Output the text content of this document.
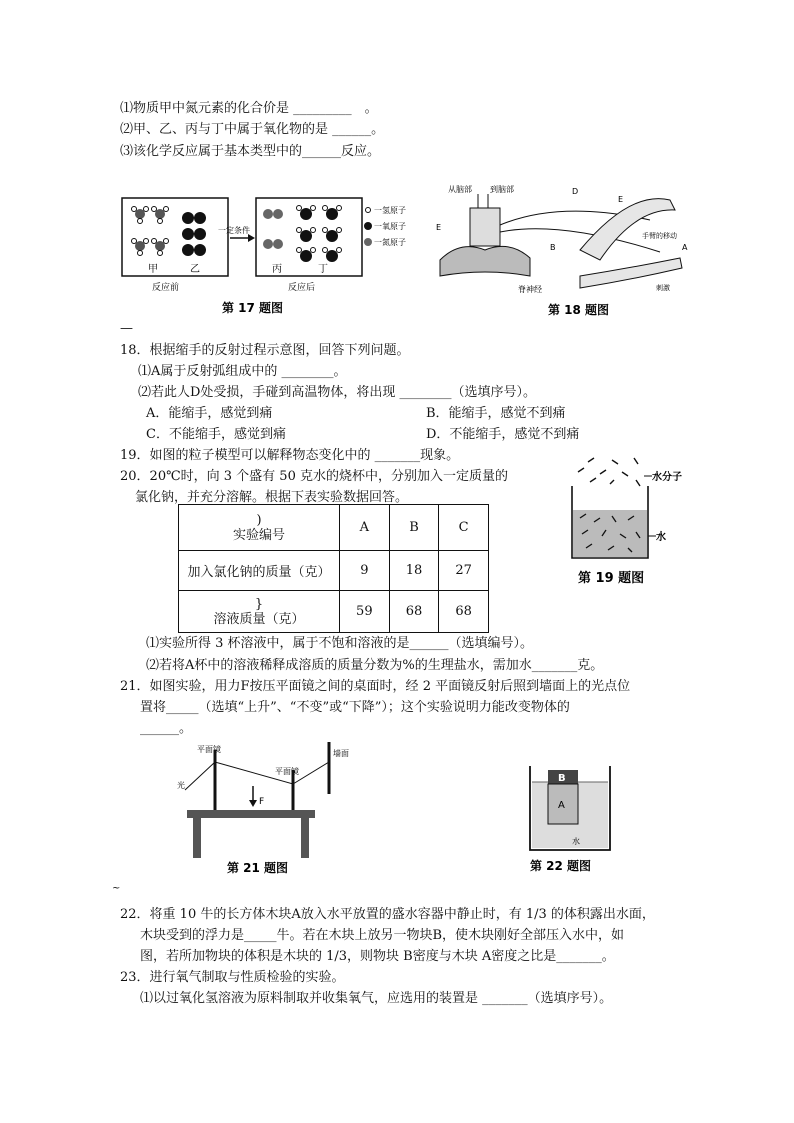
⑴物质甲中氮元素的化合价是 _________　。
⑵甲、乙、丙与丁中属于氧化物的是 ______。
⑶该化学反应属于基本类型中的______反应。
甲	乙
一定条件
丙	丁
一氢原子
一氧原子
一氮原子
反应前	反应后
第 17 题图
从脑部 到脑部
E
D
E
B
手臂的移动
A
刺激
脊神经
第 18 题图
—
18．根据缩手的反射过程示意图，回答下列问题。
⑴A属于反射弧组成中的 ________。
⑵若此人D处受损，手碰到高温物体，将出现 ________（选填序号）。
A．能缩手，感觉到痛	B．能缩手，感觉不到痛
C．不能缩手，感觉到痛	D．不能缩手，感觉不到痛
19．如图的粒子模型可以解释物态变化中的 _______现象。
20．20℃时，向 3 个盛有 50 克水的烧杯中，分别加入一定质量的
氯化钠，并充分溶解。根据下表实验数据回答。
)
实验编号	A	B	C
加入氯化钠的质量（克）	9	18	27
}
溶液质量（克）	59	68	68
水分子
水
第 19 题图
⑴实验所得 3 杯溶液中，属于不饱和溶液的是______（选填编号）。
⑵若将A杯中的溶液稀释成溶质的质量分数为%的生理盐水，需加水_______克。
21．如图实验，用力F按压平面镜之间的桌面时，经 2 平面镜反射后照到墙面上的光点位
置将_____（选填“上升”、“不变”或“下降”）；这个实验说明力能改变物体的
______。
平面镜
平面镜
墙面
光
F
第 21 题图
B
A
水
第 22 题图
~
22．将重 10 牛的长方体木块A放入水平放置的盛水容器中静止时，有 1/3 的体积露出水面，
木块受到的浮力是_____牛。若在木块上放另一物块B，使木块刚好全部压入水中，如
图，若所加物块的体积是木块的 1/3，则物块 B密度与木块 A密度之比是_______。
23．进行氧气制取与性质检验的实验。
⑴以过氧化氢溶液为原料制取并收集氧气，应选用的装置是 _______（选填序号）。
